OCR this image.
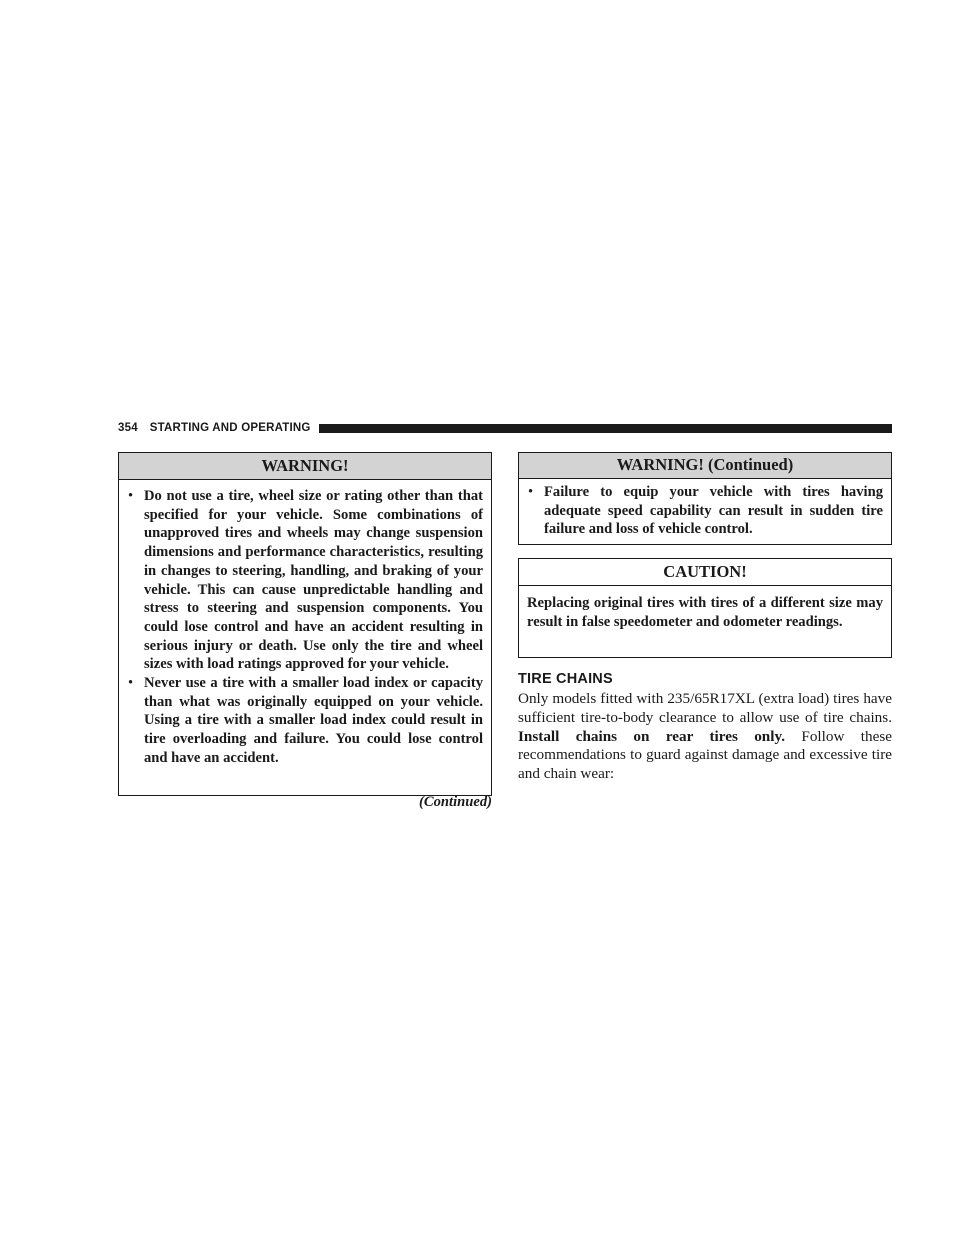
354 STARTING AND OPERATING
WARNING!
• Do not use a tire, wheel size or rating other than that specified for your vehicle. Some combinations of unapproved tires and wheels may change suspension dimensions and performance characteristics, resulting in changes to steering, handling, and braking of your vehicle. This can cause unpredictable handling and stress to steering and suspension components. You could lose control and have an accident resulting in serious injury or death. Use only the tire and wheel sizes with load ratings approved for your vehicle.
• Never use a tire with a smaller load index or capacity than what was originally equipped on your vehicle. Using a tire with a smaller load index could result in tire overloading and failure. You could lose control and have an accident.
(Continued)
WARNING! (Continued)
• Failure to equip your vehicle with tires having adequate speed capability can result in sudden tire failure and loss of vehicle control.
CAUTION!
Replacing original tires with tires of a different size may result in false speedometer and odometer readings.
TIRE CHAINS
Only models fitted with 235/65R17XL (extra load) tires have sufficient tire-to-body clearance to allow use of tire chains. Install chains on rear tires only. Follow these recommendations to guard against damage and excessive tire and chain wear:
